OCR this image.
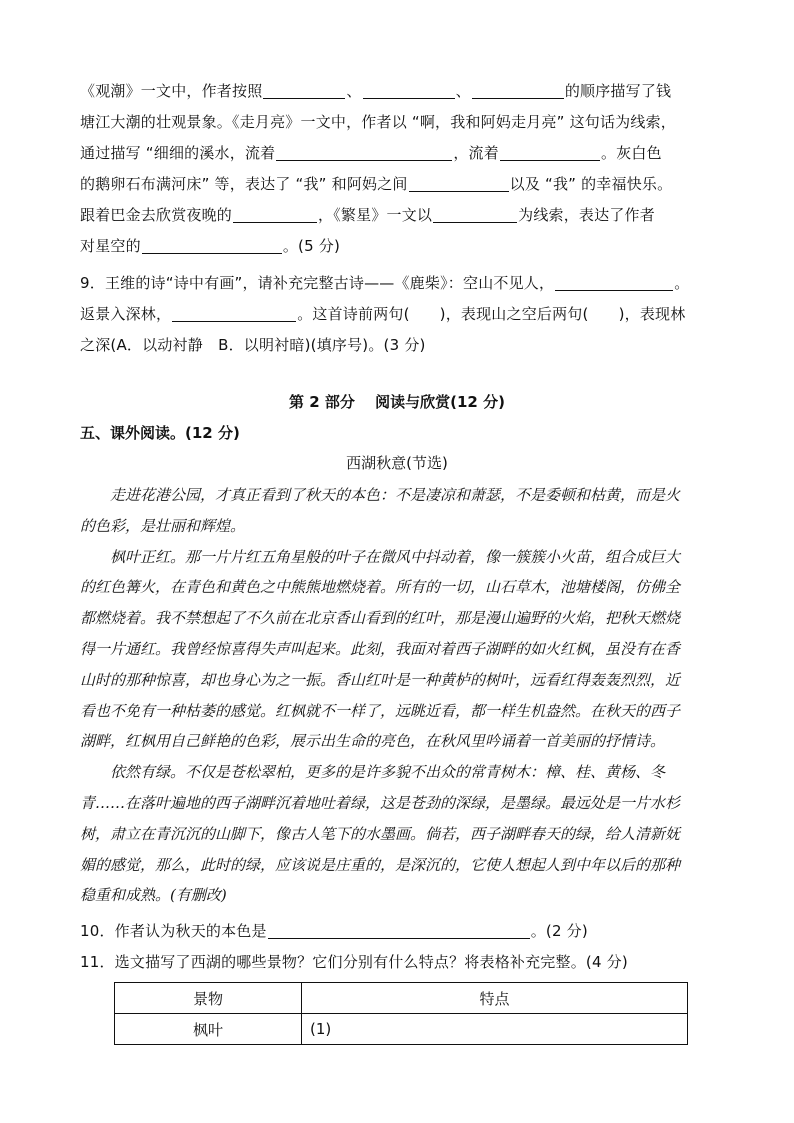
《观潮》一文中，作者按照	、	、	的顺序描写了钱
塘江大潮的壮观景象。《走月亮》一文中，作者以 “啊，我和阿妈走月亮” 这句话为线索，
通过描写 “细细的溪水，流着	，流着	。灰白色
的鹅卵石布满河床” 等，表达了 “我” 和阿妈之间	以及 “我” 的幸福快乐。
跟着巴金去欣赏夜晚的	，《繁星》一文以	为线索，表达了作者
对星空的	。(5 分)
9．王维的诗“诗中有画”，请补充完整古诗——《鹿柴》：空山不见人，	。
返景入深林，	。这首诗前两句( )，表现山之空后两句( )，表现林
之深(A．以动衬静　B．以明衬暗)(填序号)。(3 分)
第 2 部分　 阅读与欣赏(12 分)
五、课外阅读。(12 分)
西湖秋意(节选)
走进花港公园，才真正看到了秋天的本色：不是凄凉和萧瑟，不是委顿和枯黄，而是火
的色彩，是壮丽和辉煌。
枫叶正红。那一片片红五角星般的叶子在微风中抖动着，像一簇簇小火苗，组合成巨大
的红色篝火，在青色和黄色之中熊熊地燃烧着。所有的一切，山石草木，池塘楼阁，仿佛全
都燃烧着。我不禁想起了不久前在北京香山看到的红叶，那是漫山遍野的火焰，把秋天燃烧
得一片通红。我曾经惊喜得失声叫起来。此刻，我面对着西子湖畔的如火红枫，虽没有在香
山时的那种惊喜，却也身心为之一振。香山红叶是一种黄栌的树叶，远看红得轰轰烈烈，近
看也不免有一种枯萎的感觉。红枫就不一样了，远眺近看，都一样生机盎然。在秋天的西子
湖畔，红枫用自己鲜艳的色彩，展示出生命的亮色，在秋风里吟诵着一首美丽的抒情诗。
依然有绿。不仅是苍松翠柏，更多的是许多貌不出众的常青树木：樟、桂、黄杨、冬
青……在落叶遍地的西子湖畔沉着地吐着绿，这是苍劲的深绿，是墨绿。最远处是一片水杉
树，肃立在青沉沉的山脚下，像古人笔下的水墨画。倘若，西子湖畔春天的绿，给人清新妩
媚的感觉，那么，此时的绿，应该说是庄重的，是深沉的，它使人想起人到中年以后的那种
稳重和成熟。(有删改)
10．作者认为秋天的本色是	。(2 分)
11．选文描写了西湖的哪些景物？它们分别有什么特点？将表格补充完整。(4 分)
景物	特点
枫叶	(1)
